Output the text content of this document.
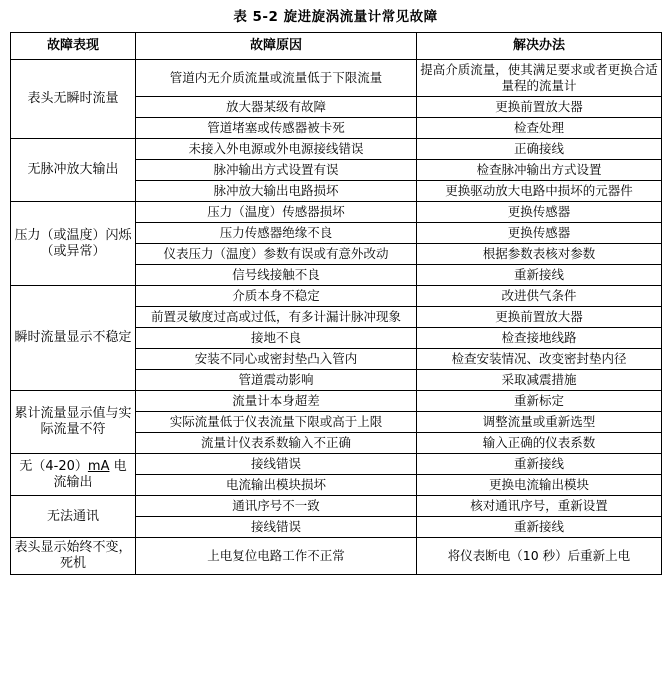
表 5-2 旋进旋涡流量计常见故障
故障表现	故障原因	解决办法
表头无瞬时流量	管道内无介质流量或流量低于下限流量	提高介质流量，使其满足要求或者更换合适量程的流量计
	放大器某级有故障	更换前置放大器
	管道堵塞或传感器被卡死	检查处理
无脉冲放大输出	未接入外电源或外电源接线错误	正确接线
	脉冲输出方式设置有误	检查脉冲输出方式设置
	脉冲放大输出电路损坏	更换驱动放大电路中损坏的元器件
压力（或温度）闪烁（或异常）	压力（温度）传感器损坏	更换传感器
	压力传感器绝缘不良	更换传感器
	仪表压力（温度）参数有误或有意外改动	根据参数表核对参数
	信号线接触不良	重新接线
瞬时流量显示不稳定	介质本身不稳定	改进供气条件
	前置灵敏度过高或过低，有多计漏计脉冲现象	更换前置放大器
	接地不良	检查接地线路
	安装不同心或密封垫凸入管内	检查安装情况、改变密封垫内径
	管道震动影响	采取减震措施
累计流量显示值与实际流量不符	流量计本身超差	重新标定
	实际流量低于仪表流量下限或高于上限	调整流量或重新选型
	流量计仪表系数输入不正确	输入正确的仪表系数
无（4-20）mA 电流输出	接线错误	重新接线
	电流输出模块损坏	更换电流输出模块
无法通讯	通讯序号不一致	核对通讯序号，重新设置
	接线错误	重新接线
表头显示始终不变，死机	上电复位电路工作不正常	将仪表断电（10 秒）后重新上电
